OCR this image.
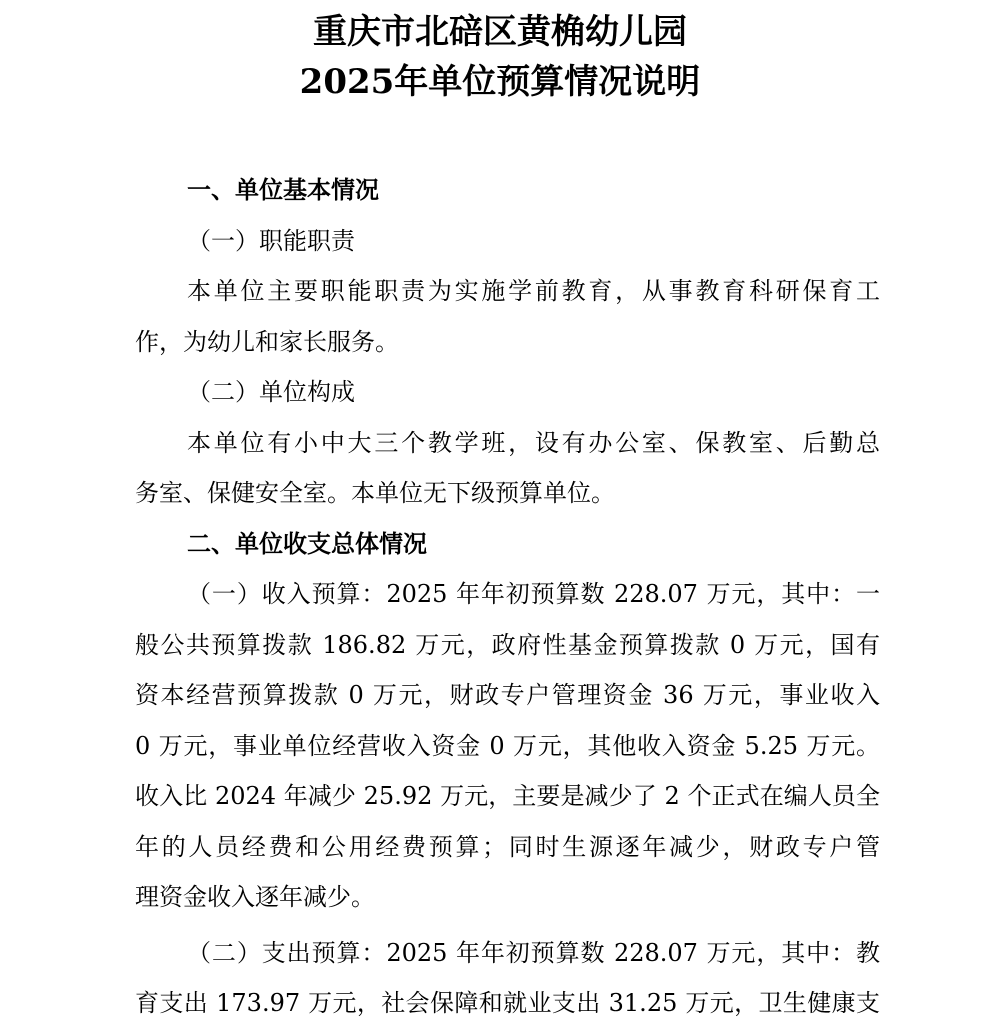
重庆市北碚区黄桷幼儿园
2025年单位预算情况说明
一、单位基本情况
（一）职能职责
本单位主要职能职责为实施学前教育，从事教育科研保育工
作，为幼儿和家长服务。
（二）单位构成
本单位有小中大三个教学班，设有办公室、保教室、后勤总
务室、保健安全室。本单位无下级预算单位。
二、单位收支总体情况
（一）收入预算：2025 年年初预算数 228.07 万元，其中：一
般公共预算拨款 186.82 万元，政府性基金预算拨款 0 万元，国有
资本经营预算拨款 0 万元，财政专户管理资金 36 万元，事业收入
0 万元，事业单位经营收入资金 0 万元，其他收入资金 5.25 万元。
收入比 2024 年减少 25.92 万元，主要是减少了 2 个正式在编人员全
年的人员经费和公用经费预算；同时生源逐年减少，财政专户管
理资金收入逐年减少。
（二）支出预算：2025 年年初预算数 228.07 万元，其中：教
育支出 173.97 万元，社会保障和就业支出 31.25 万元，卫生健康支
